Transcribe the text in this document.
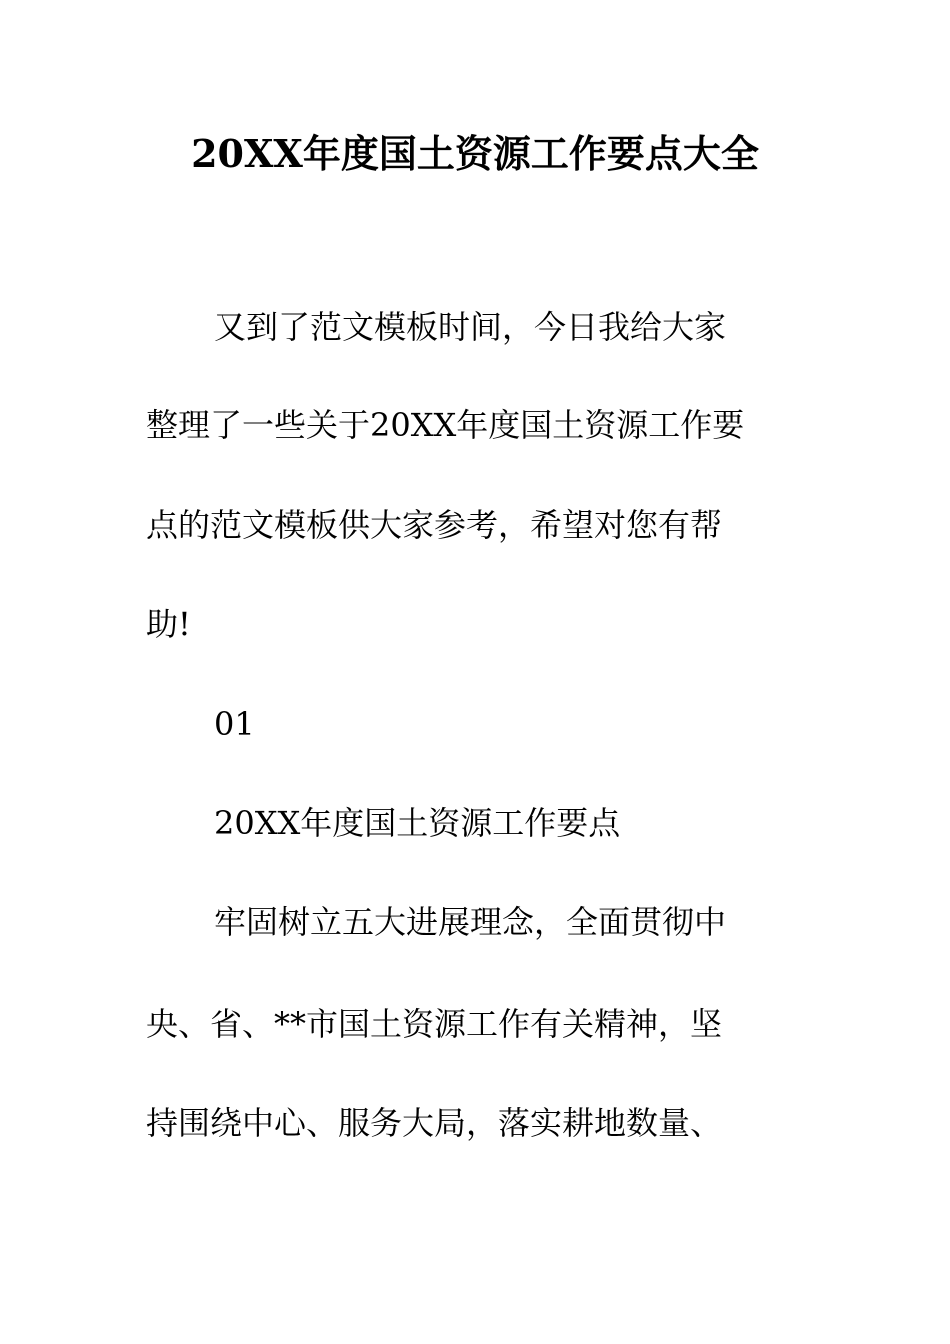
20XX年度国土资源工作要点大全
又到了范文模板时间，今日我给大家
整理了一些关于20XX年度国土资源工作要
点的范文模板供大家参考，希望对您有帮
助!
01
20XX年度国土资源工作要点
牢固树立五大进展理念，全面贯彻中
央、省、**市国土资源工作有关精神，坚
持围绕中心、服务大局，落实耕地数量、
